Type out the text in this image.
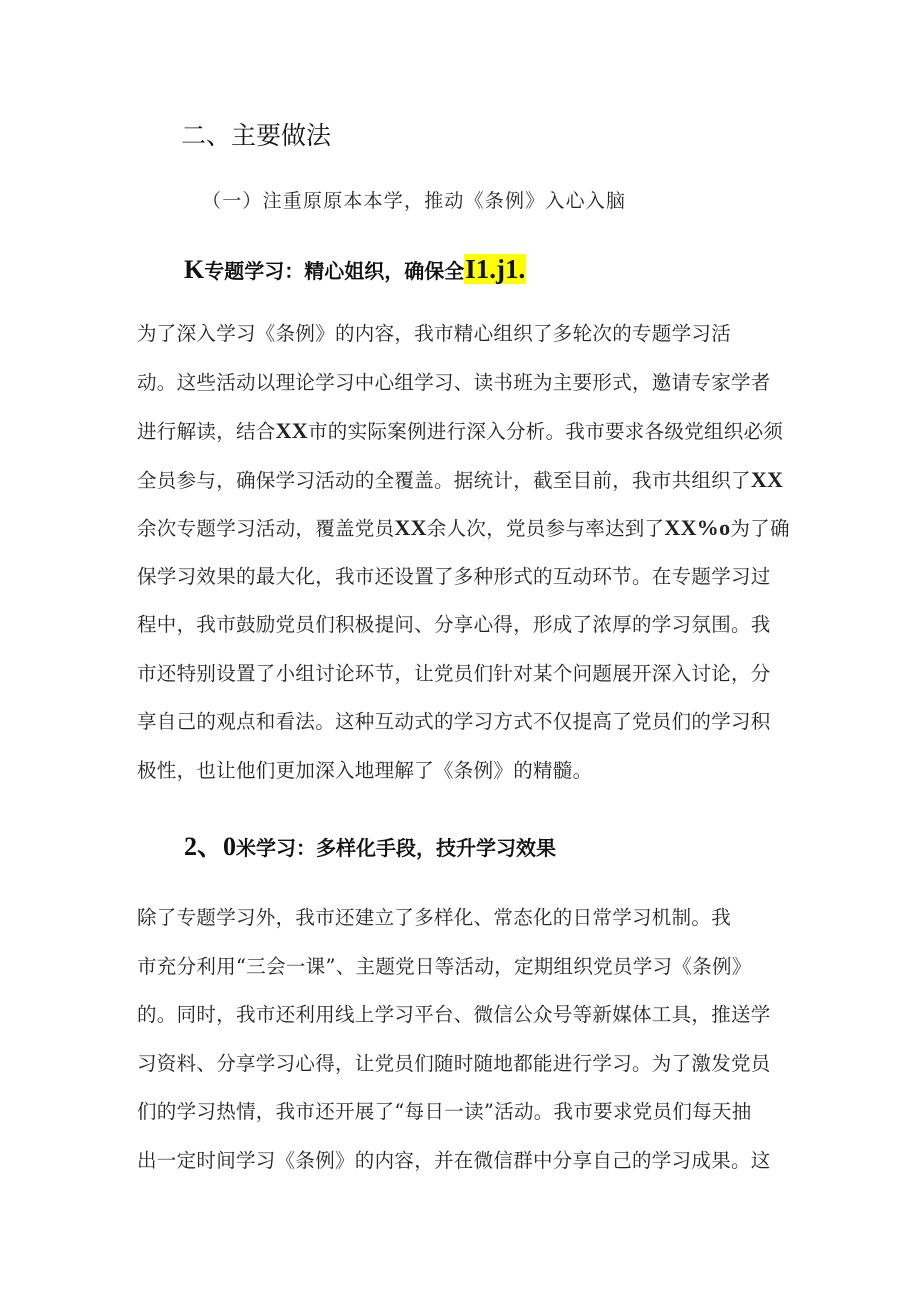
二、主要做法
（一）注重原原本本学，推动《条例》入心入脑
K专题学习：精心姐织，确保全I1.j1.
为了深入学习《条例》的内容，我市精心组织了多轮次的专题学习活
动。这些活动以理论学习中心组学习、读书班为主要形式，邀请专家学者
进行解读，结合XX市的实际案例进行深入分析。我市要求各级党组织必须
全员参与，确保学习活动的全覆盖。据统计，截至目前，我市共组织了XX
余次专题学习活动，覆盖党员XX余人次，党员参与率达到了XX%o为了确
保学习效果的最大化，我市还设置了多种形式的互动环节。在专题学习过
程中，我市鼓励党员们积极提问、分享心得，形成了浓厚的学习氛围。我
市还特别设置了小组讨论环节，让党员们针对某个问题展开深入讨论，分
享自己的观点和看法。这种互动式的学习方式不仅提高了党员们的学习积
极性，也让他们更加深入地理解了《条例》的精髓。
2、0米学习：多样化手段，技升学习效果
除了专题学习外，我市还建立了多样化、常态化的日常学习机制。我
市充分利用“三会一课”、主题党日等活动，定期组织党员学习《条例》
的。同时，我市还利用线上学习平台、微信公众号等新媒体工具，推送学
习资料、分享学习心得，让党员们随时随地都能进行学习。为了激发党员
们的学习热情，我市还开展了“每日一读”活动。我市要求党员们每天抽
出一定时间学习《条例》的内容，并在微信群中分享自己的学习成果。这
